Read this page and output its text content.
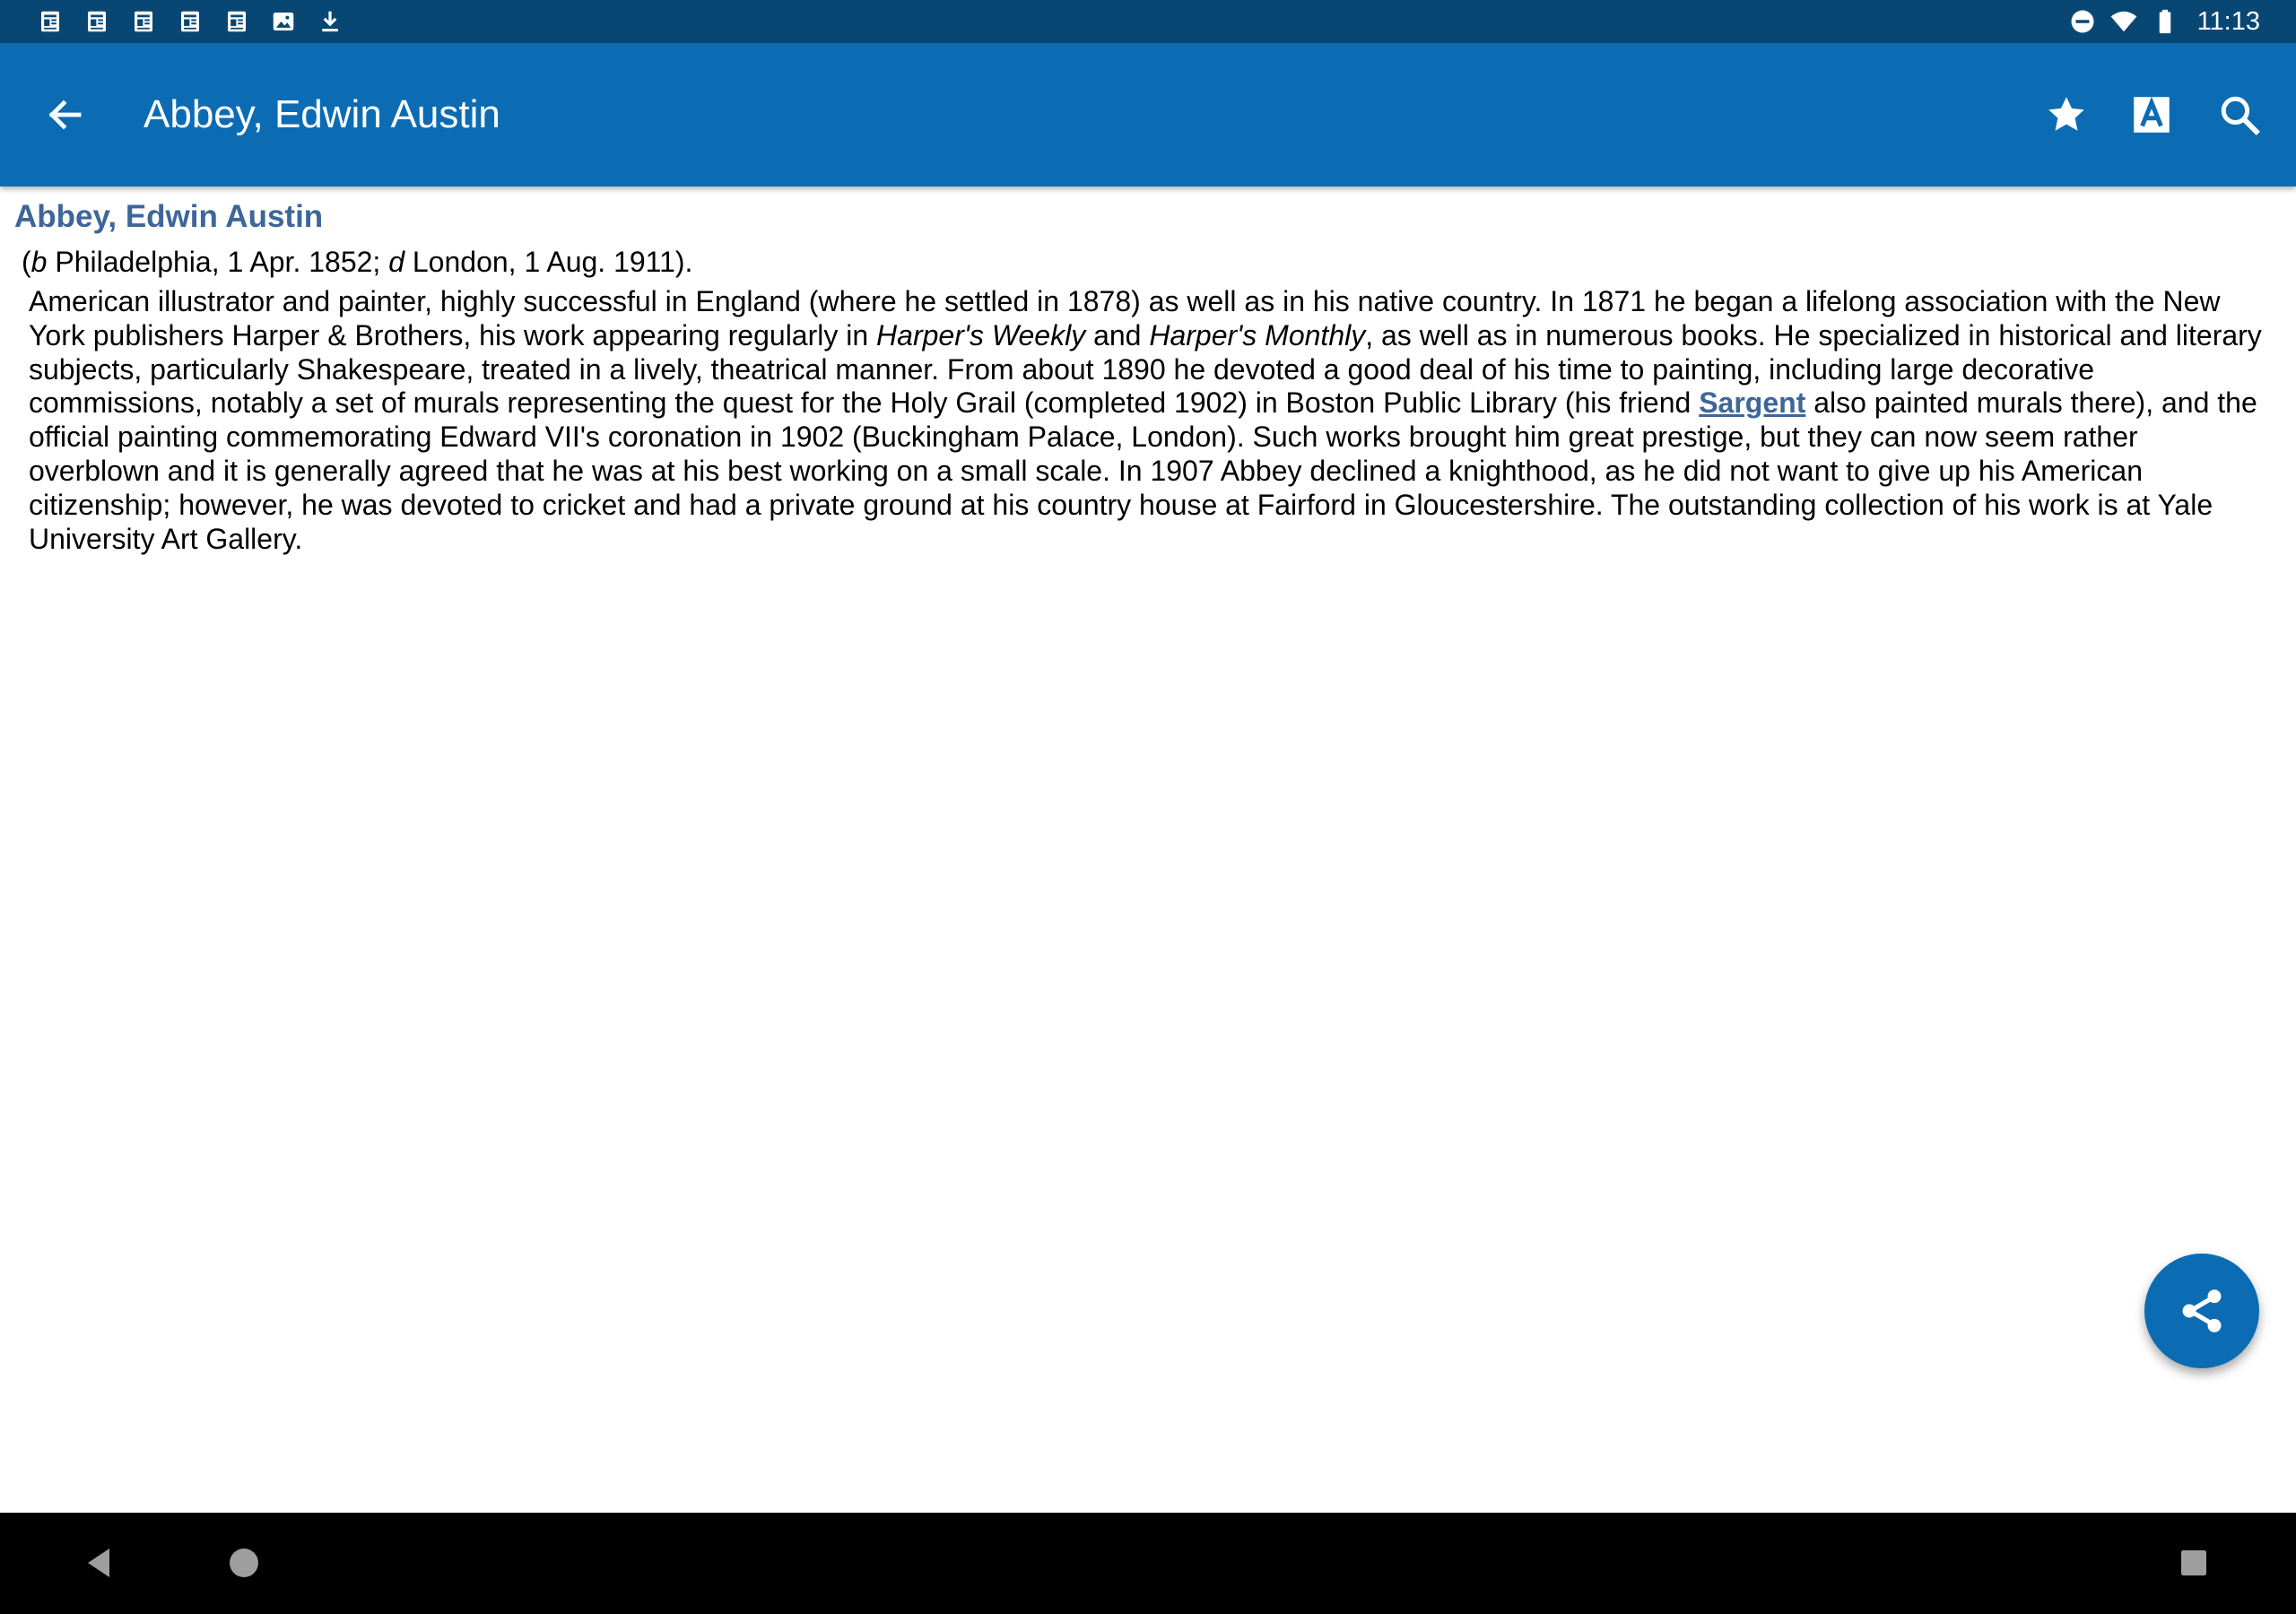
11:13
Abbey, Edwin Austin
Abbey, Edwin Austin

(b Philadelphia, 1 Apr. 1852; d London, 1 Aug. 1911).

American illustrator and painter, highly successful in England (where he settled in 1878) as well as in his native country. In 1871 he began a lifelong association with the New York publishers Harper & Brothers, his work appearing regularly in Harper's Weekly and Harper's Monthly, as well as in numerous books. He specialized in historical and literary subjects, particularly Shakespeare, treated in a lively, theatrical manner. From about 1890 he devoted a good deal of his time to painting, including large decorative commissions, notably a set of murals representing the quest for the Holy Grail (completed 1902) in Boston Public Library (his friend Sargent also painted murals there), and the official painting commemorating Edward VII's coronation in 1902 (Buckingham Palace, London). Such works brought him great prestige, but they can now seem rather overblown and it is generally agreed that he was at his best working on a small scale. In 1907 Abbey declined a knighthood, as he did not want to give up his American citizenship; however, he was devoted to cricket and had a private ground at his country house at Fairford in Gloucestershire. The outstanding collection of his work is at Yale University Art Gallery.
